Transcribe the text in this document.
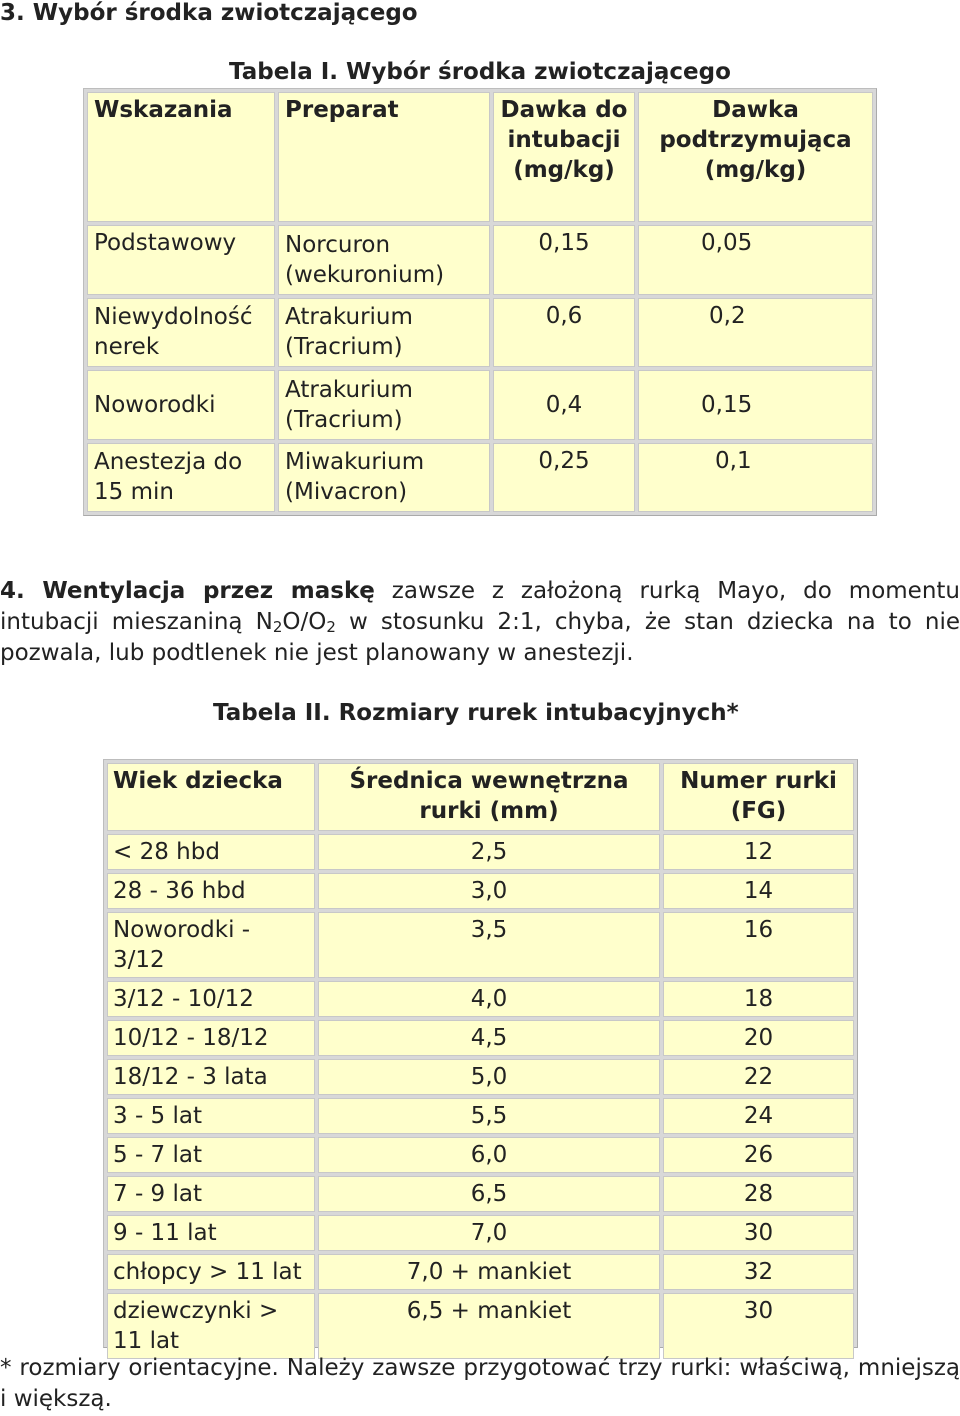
3. Wybór środka zwiotczającego
Tabela I. Wybór środka zwiotczającego
Wskazania	Preparat	Dawka do intubacji (mg/kg)	Dawka podtrzymująca (mg/kg)
Podstawowy	Norcuron (wekuronium)	0,15	0,05
Niewydolność nerek	Atrakurium (Tracrium)	0,6	0,2
Noworodki	Atrakurium (Tracrium)	0,4	0,15
Anestezja do 15 min	Miwakurium (Mivacron)	0,25	0,1
4. Wentylacja przez maskę zawsze z założoną rurką Mayo, do momentu intubacji mieszaniną $N_2O/O_2$ w stosunku 2:1, chyba, że stan dziecka na to nie pozwala, lub podtlenek nie jest planowany w anestezji.
Tabela II. Rozmiary rurek intubacyjnych*
Wiek dziecka	Średnica wewnętrzna rurki (mm)	Numer rurki (FG)
< 28 hbd	2,5	12
28 - 36 hbd	3,0	14
Noworodki - 3/12	3,5	16
3/12 - 10/12	4,0	18
10/12 - 18/12	4,5	20
18/12 - 3 lata	5,0	22
3 - 5 lat	5,5	24
5 - 7 lat	6,0	26
7 - 9 lat	6,5	28
9 - 11 lat	7,0	30
chłopcy > 11 lat	7,0 + mankiet	32
dziewczynki > 11 lat	6,5 + mankiet	30
* rozmiary orientacyjne. Należy zawsze przygotować trzy rurki: właściwą, mniejszą i większą.
